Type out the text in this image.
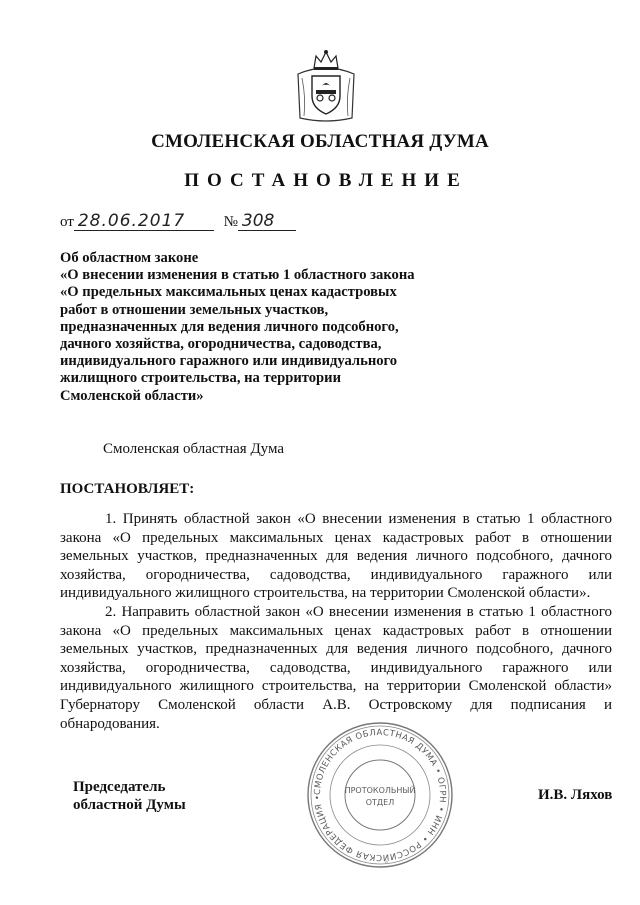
СМОЛЕНСКАЯ ОБЛАСТНАЯ ДУМА
ПОСТАНОВЛЕНИЕ
от 28.06.2017	№ 308
Об областном законе
«О внесении изменения в статью 1 областного закона
«О предельных максимальных ценах кадастровых
работ в отношении земельных участков,
предназначенных для ведения личного подсобного,
дачного хозяйства, огородничества, садоводства,
индивидуального гаражного или индивидуального
жилищного строительства, на территории
Смоленской области»
Смоленская областная Дума
ПОСТАНОВЛЯЕТ:
1. Принять областной закон «О внесении изменения в статью 1 областного закона «О предельных максимальных ценах кадастровых работ в отношении земельных участков, предназначенных для ведения личного подсобного, дачного хозяйства, огородничества, садоводства, индивидуального гаражного или индивидуального жилищного строительства, на территории Смоленской области».
2. Направить областной закон «О внесении изменения в статью 1 областного закона «О предельных максимальных ценах кадастровых работ в отношении земельных участков, предназначенных для ведения личного подсобного, дачного хозяйства, огородничества, садоводства, индивидуального гаражного или индивидуального жилищного строительства, на территории Смоленской области» Губернатору Смоленской области А.В. Островскому для подписания и обнародования.
СМОЛЕНСКАЯ ОБЛАСТНАЯ ДУМА • ОГРН • ИНН • РОССИЙСКАЯ ФЕДЕРАЦИЯ •
ПРОТОКОЛЬНЫЙ
ОТДЕЛ
Председатель
областной Думы
И.В. Ляхов
